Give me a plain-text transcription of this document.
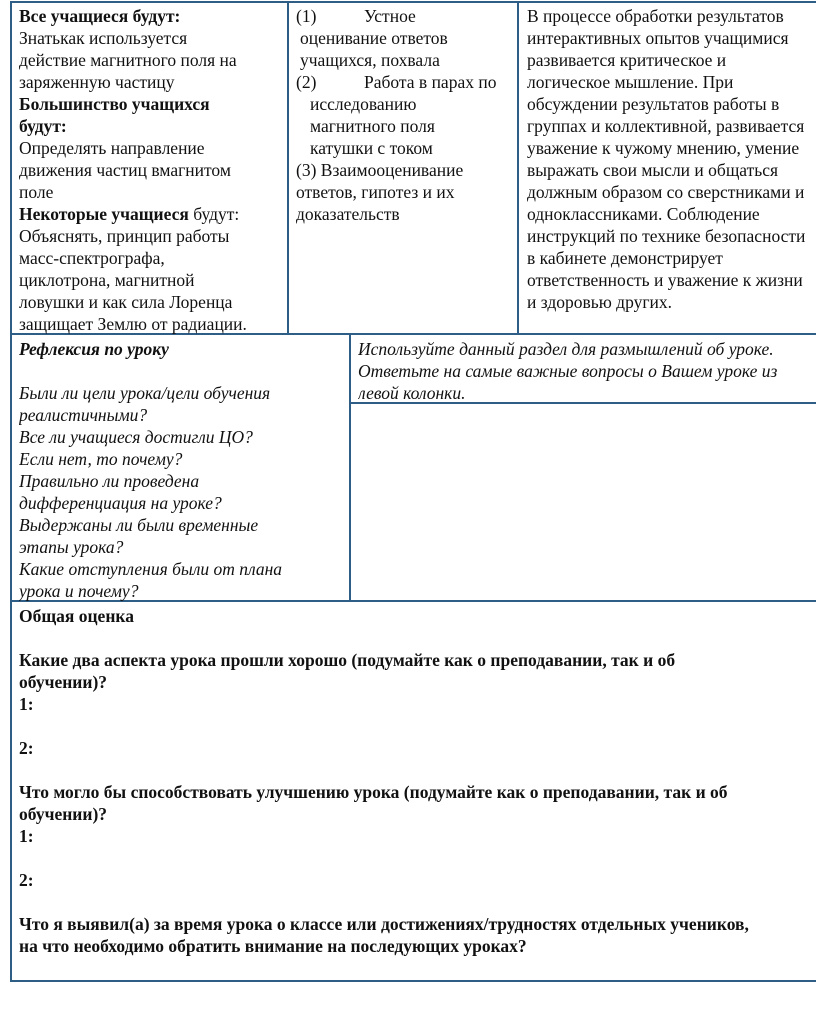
Все учащиеся будут:
Знатькак используется
действие магнитного поля на
заряженную частицу
Большинство учащихся
будут:
Определять направление
движения частиц вмагнитом
поле
Некоторые учащиеся будут:
Объяснять, принцип работы
масс-спектрографа,
циклотрона, магнитной
ловушки и как сила Лоренца
защищает Землю от радиации.
(1)	Устное
оценивание ответов
учащихся, похвала
(2)	Работа в парах по
исследованию
магнитного поля
катушки с током
(3) Взаимооценивание
ответов, гипотез и их
доказательств
В процессе обработки результатов
интерактивных опытов учащимися
развивается критическое и
логическое мышление. При
обсуждении результатов работы в
группах и коллективной, развивается
уважение к чужому мнению, умение
выражать свои мысли и общаться
должным образом со сверстниками и
одноклассниками. Соблюдение
инструкций по технике безопасности
в кабинете демонстрирует
ответственность и уважение к жизни
и здоровью других.
Рефлексия по уроку
Были ли цели урока/цели обучения
реалистичными?
Все ли учащиеся достигли ЦО?
Если нет, то почему?
Правильно ли проведена
дифференциация на уроке?
Выдержаны ли были временные
этапы урока?
Какие отступления были от плана
урока и почему?
Используйте данный раздел для размышлений об уроке.
Ответьте на самые важные вопросы о Вашем уроке из
левой колонки.
Общая оценка
Какие два аспекта урока прошли хорошо (подумайте как о преподавании, так и об
обучении)?
1:
2:
Что могло бы способствовать улучшению урока (подумайте как о преподавании, так и об
обучении)?
1:
2:
Что я выявил(а) за время урока о классе или достижениях/трудностях отдельных учеников,
на что необходимо обратить внимание на последующих уроках?
